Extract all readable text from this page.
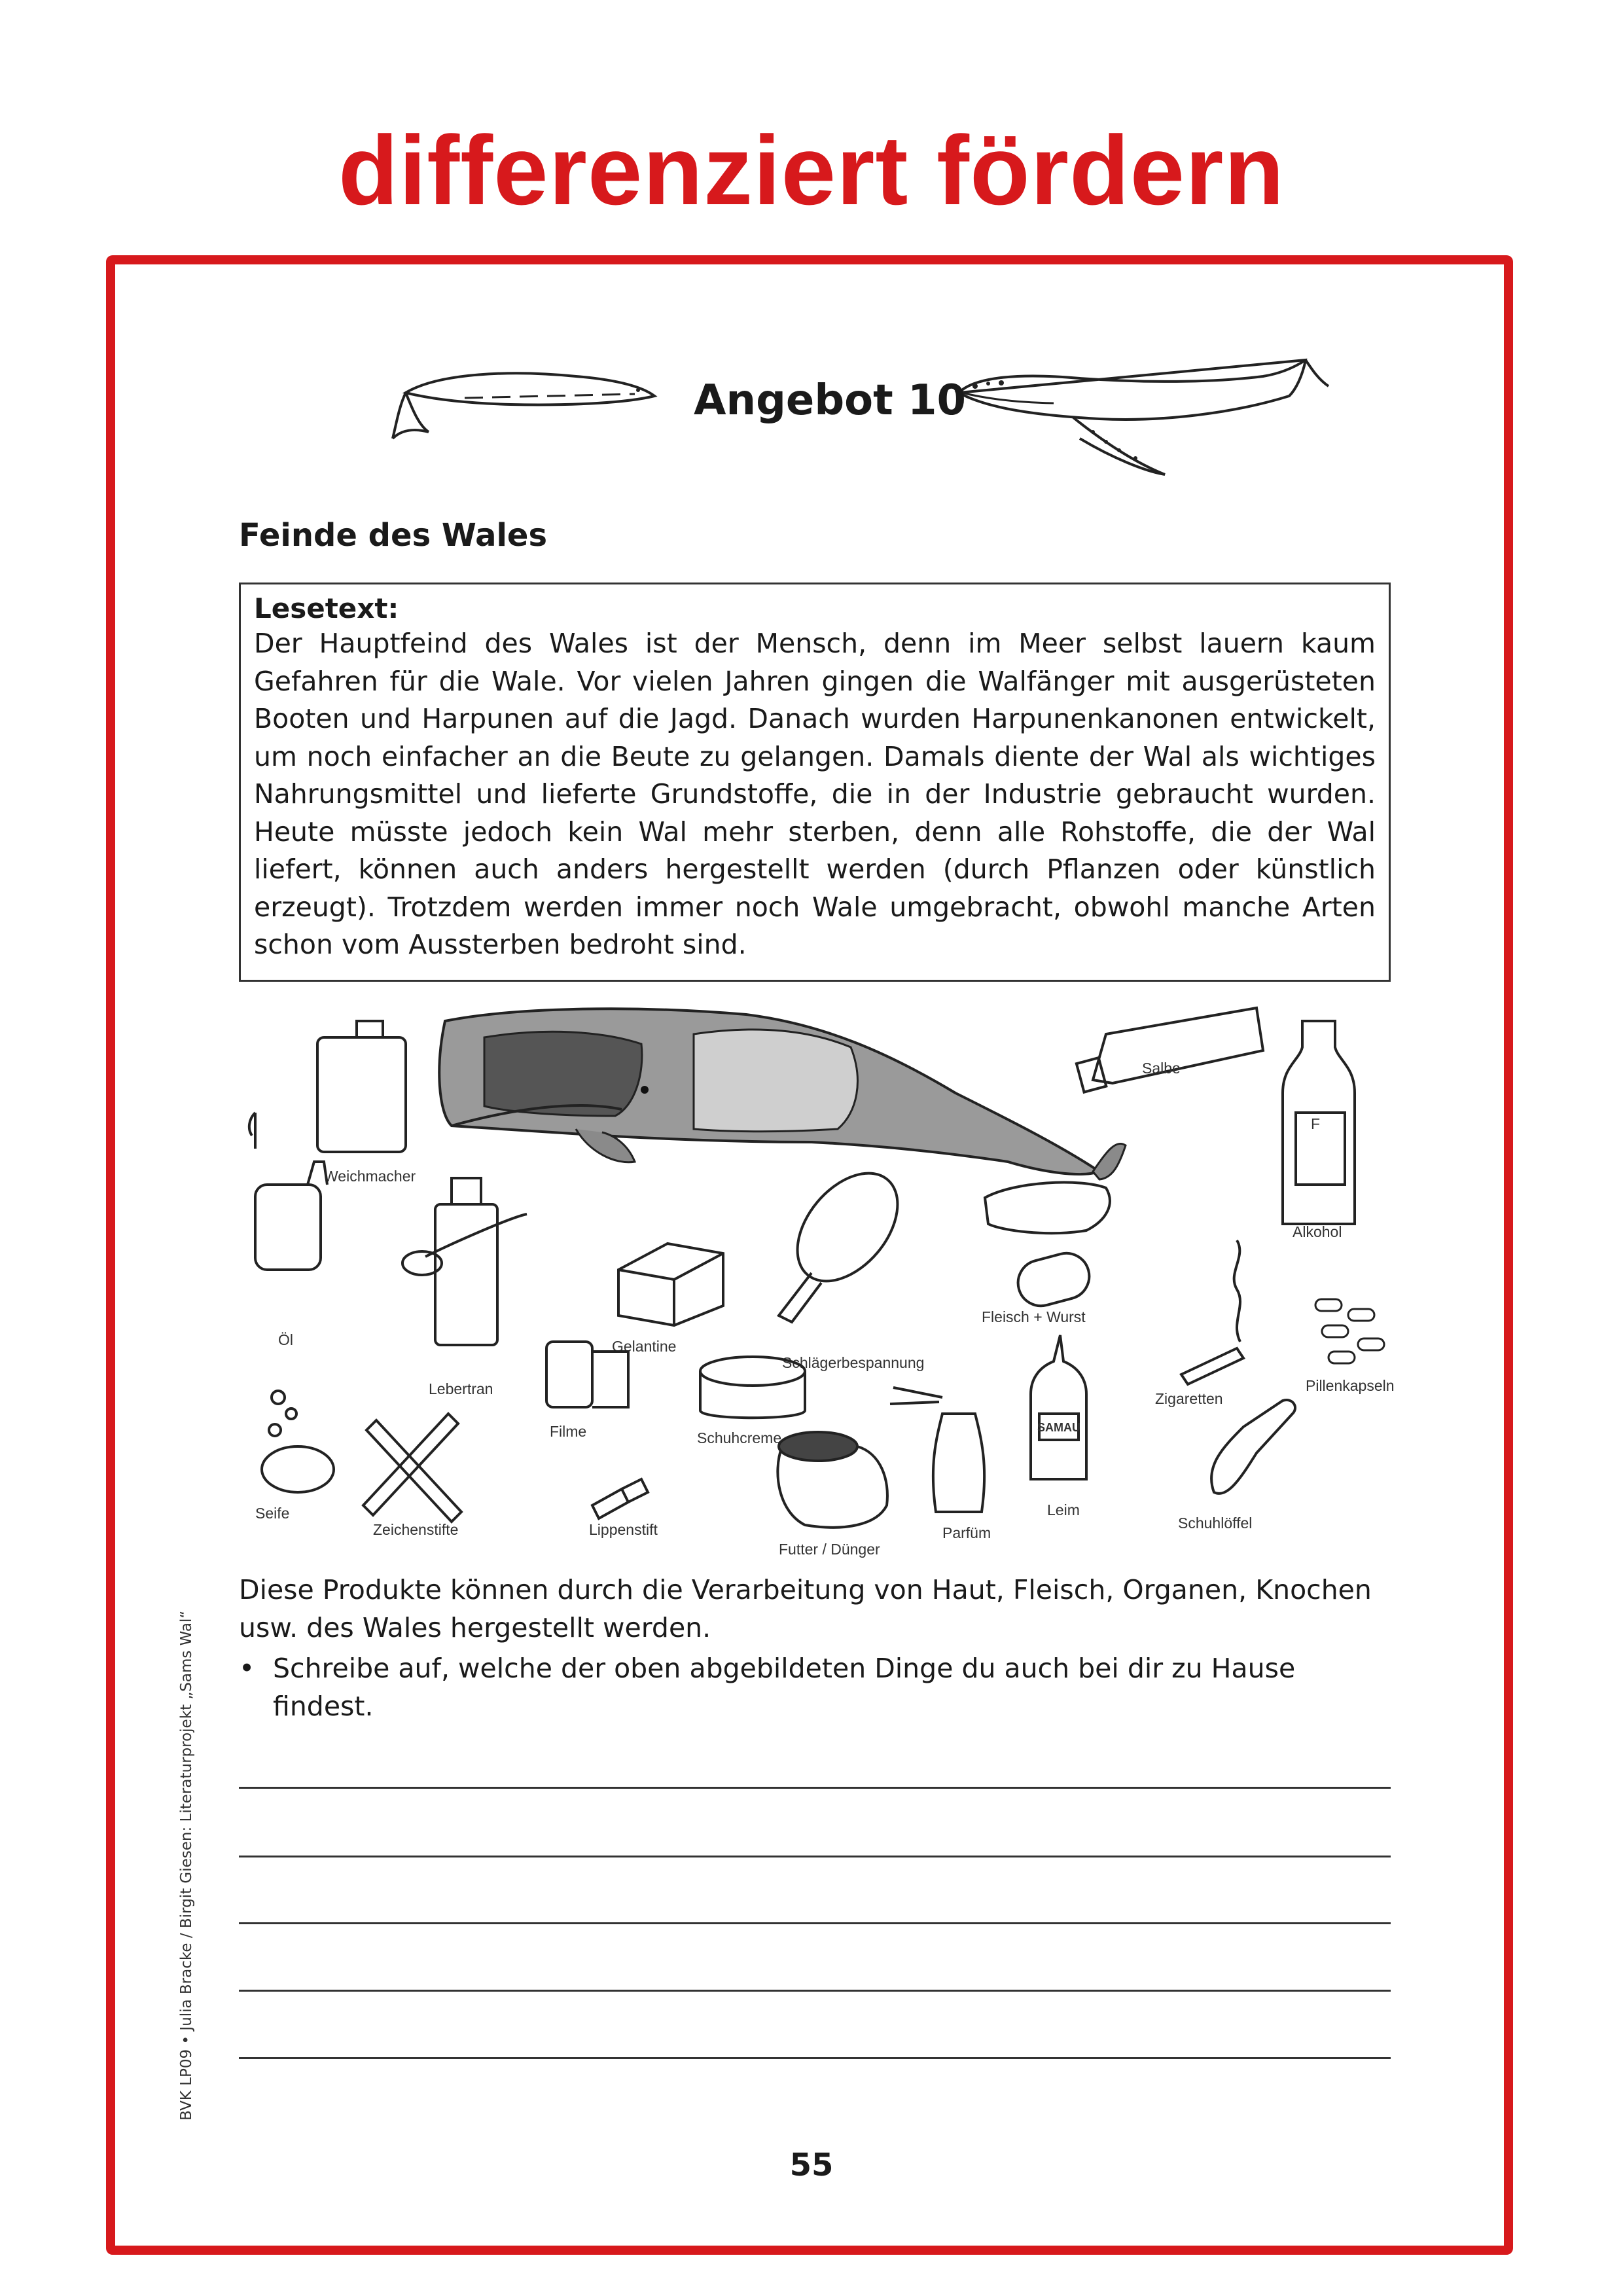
differenziert fördern
Angebot 10
Feinde des Wales
Lesetext:
Der Hauptfeind des Wales ist der Mensch, denn im Meer selbst lauern kaum Gefahren für die Wale. Vor vielen Jahren gingen die Walfänger mit ausgerüsteten Booten und Harpunen auf die Jagd. Danach wurden Harpunenkanonen entwickelt, um noch einfacher an die Beute zu gelangen. Damals diente der Wal als wichtiges Nahrungsmittel und lieferte Grundstoffe, die in der Industrie gebraucht wurden. Heute müsste jedoch kein Wal mehr sterben, denn alle Rohstoffe, die der Wal liefert, können auch anders hergestellt werden (durch Pflanzen oder künstlich erzeugt). Trotzdem werden immer noch Wale umgebracht, obwohl manche Arten schon vom Aussterben bedroht sind.
Weichmacher
Öl
Lebertran
Gelantine
Schlägerbespannung
Fleisch + Wurst
Salbe
F
Alkohol
Zigaretten
Pillenkapseln
Filme	Schuhcreme
Seife
Zeichenstifte	Lippenstift
Futter / Dünger
Parfüm
SAMAU
Leim
Schuhlöffel
Diese Produkte können durch die Verarbeitung von Haut, Fleisch, Organen, Knochen usw. des Wales hergestellt werden.
• Schreibe auf, welche der oben abgebildeten Dinge du auch bei dir zu Hause findest.
BVK LP09 • Julia Bracke / Birgit Giesen: Literaturprojekt „Sams Wal“
55
